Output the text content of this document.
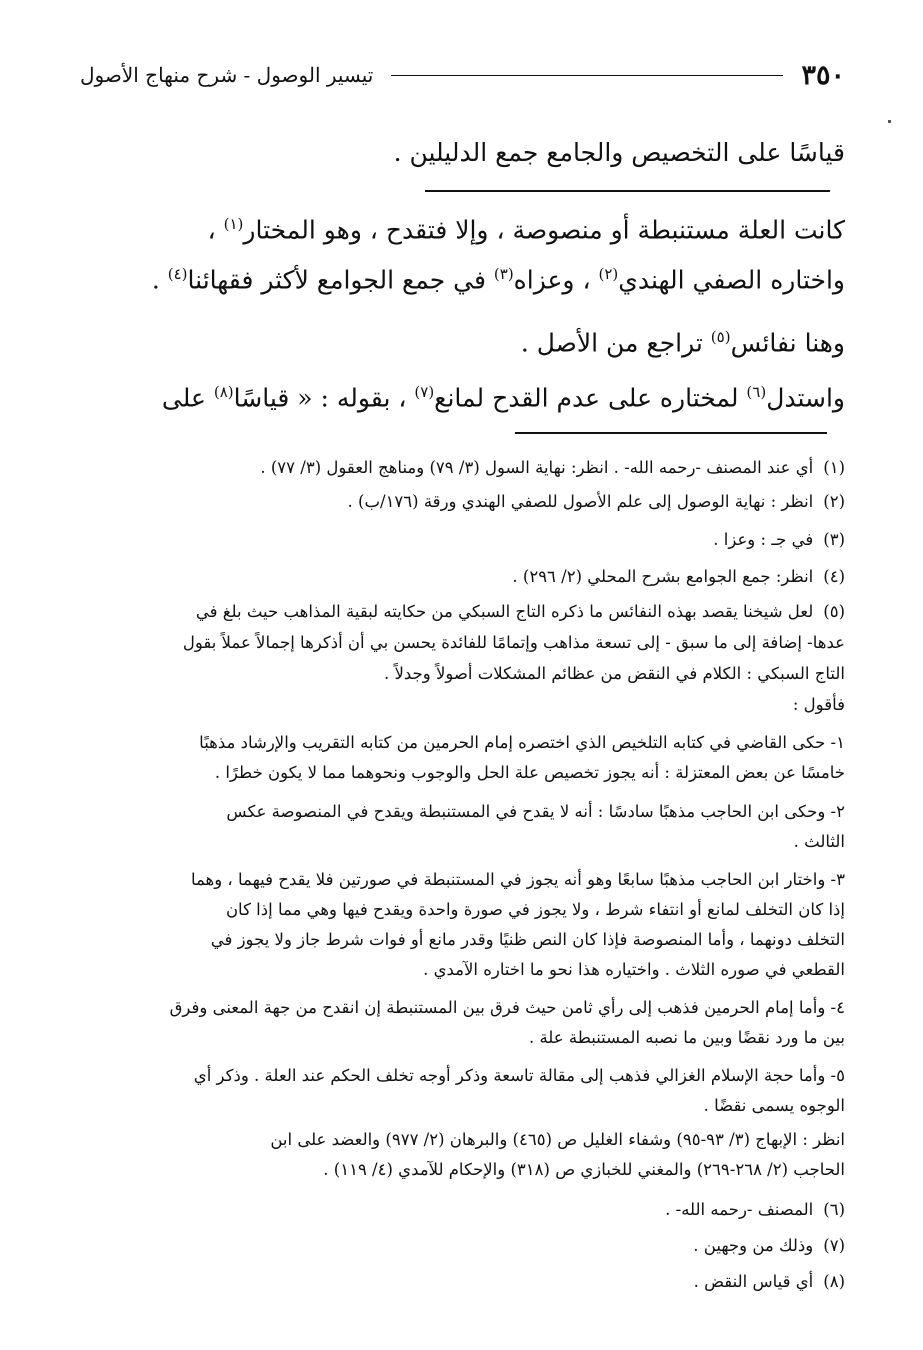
٣٥٠
تيسير الوصول - شرح منهاج الأصول
قياسًا على التخصيص والجامع جمع الدليلين .
كانت العلة مستنبطة أو منصوصة ، وإلا فتقدح ، وهو المختار$^{(١)}$ ،
واختاره الصفي الهندي$^{(٢)}$ ، وعزاه$^{(٣)}$ في جمع الجوامع لأكثر فقهائنا$^{(٤)}$ .
وهنا نفائس$^{(٥)}$ تراجع من الأصل .
واستدل$^{(٦)}$ لمختاره على عدم القدح لمانع$^{(٧)}$ ، بقوله : « قياسًا$^{(٨)}$ على
(١)أي عند المصنف -رحمه الله- . انظر: نهاية السول (٣/ ٧٩) ومناهج العقول (٣/ ٧٧) .
(٢)انظر : نهاية الوصول إلى علم الأصول للصفي الهندي ورقة (١٧٦/ب) .
(٣)في جـ : وعزا .
(٤)انظر: جمع الجوامع بشرح المحلي (٢/ ٢٩٦) .
(٥)لعل شيخنا يقصد بهذه النفائس ما ذكره التاج السبكي من حكايته لبقية المذاهب حيث بلغ في
عدها- إضافة إلى ما سبق - إلى تسعة مذاهب وإتمامًا للفائدة يحسن بي أن أذكرها إجمالاً عملاً بقول
التاج السبكي : الكلام في النقض من عظائم المشكلات أصولاً وجدلاً .
فأقول :
١- حكى القاضي في كتابه التلخيص الذي اختصره إمام الحرمين من كتابه التقريب والإرشاد مذهبًا
خامسًا عن بعض المعتزلة : أنه يجوز تخصيص علة الحل والوجوب ونحوهما مما لا يكون خطرًا .
٢- وحكى ابن الحاجب مذهبًا سادسًا : أنه لا يقدح في المستنبطة ويقدح في المنصوصة عكس
الثالث .
٣- واختار ابن الحاجب مذهبًا سابعًا وهو أنه يجوز في المستنبطة في صورتين فلا يقدح فيهما ، وهما
إذا كان التخلف لمانع أو انتفاء شرط ، ولا يجوز في صورة واحدة ويقدح فيها وهي مما إذا كان
التخلف دونهما ، وأما المنصوصة فإذا كان النص ظنيًا وقدر مانع أو فوات شرط جاز ولا يجوز في
القطعي في صوره الثلاث . واختياره هذا نحو ما اختاره الآمدي .
٤- وأما إمام الحرمين فذهب إلى رأي ثامن حيث فرق بين المستنبطة إن انقدح من جهة المعنى وفرق
بين ما ورد نقضًا وبين ما نصبه المستنبطة علة .
٥- وأما حجة الإسلام الغزالي فذهب إلى مقالة تاسعة وذكر أوجه تخلف الحكم عند العلة . وذكر أي
الوجوه يسمى نقضًا .
انظر : الإبهاج (٣/ ٩٣-٩٥) وشفاء الغليل ص (٤٦٥) والبرهان (٢/ ٩٧٧) والعضد على ابن
الحاجب (٢/ ٢٦٨-٢٦٩) والمغني للخبازي ص (٣١٨) والإحكام للآمدي (٤/ ١١٩) .
(٦)المصنف -رحمه الله- .
(٧)وذلك من وجهين .
(٨)أي قياس النقض .
